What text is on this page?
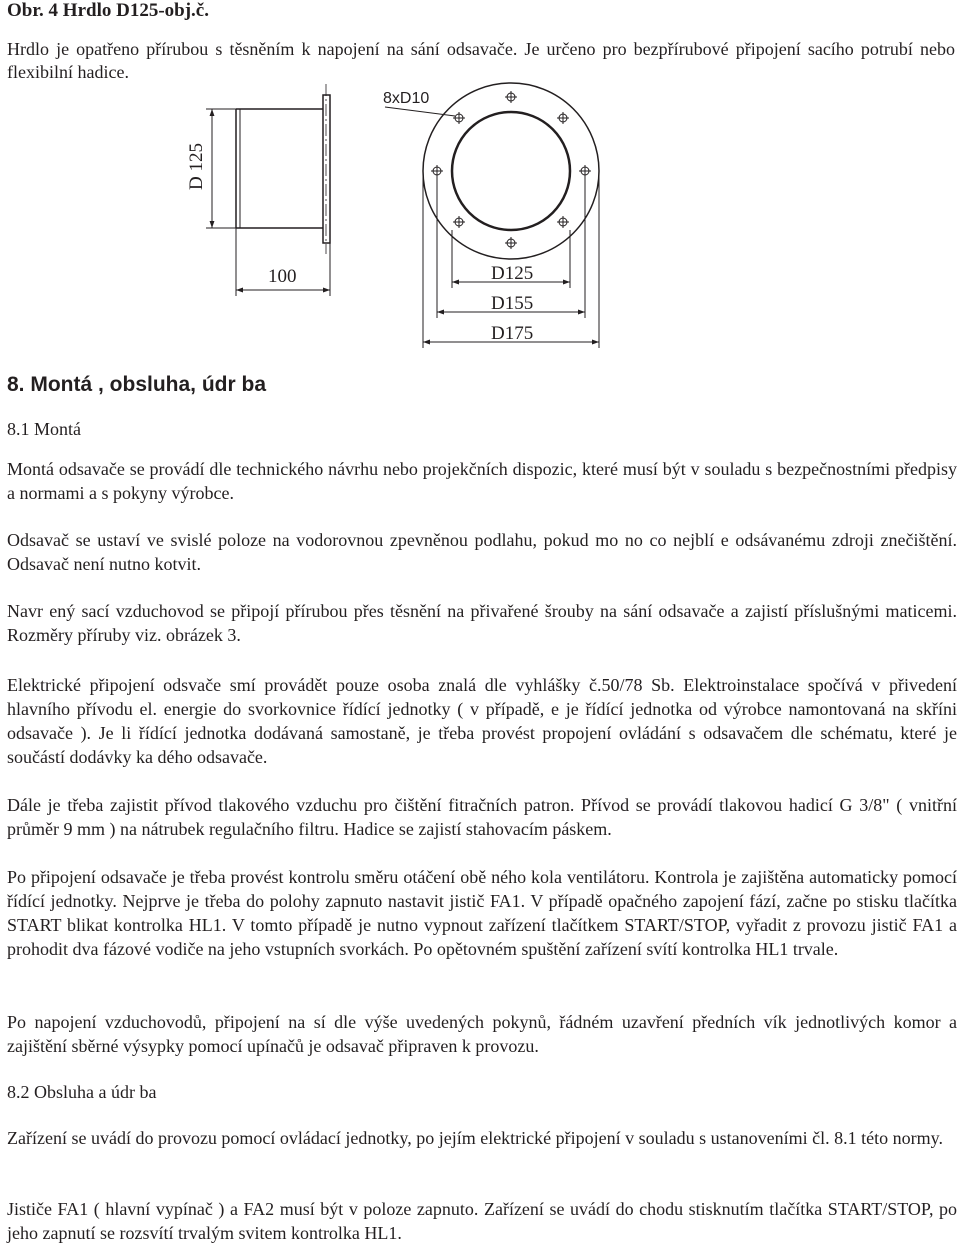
Obr. 4 Hrdlo D125-obj.č.
Hrdlo je opatřeno přírubou s těsněním k napojení na sání odsavače. Je určeno pro bezpřírubové připojení sacího potrubí nebo flexibilní hadice.
D 125
100
8xD10
D125
D155
D175
8. Montá , obsluha, údr ba
8.1 Montá
Montá odsavače se provádí dle technického návrhu nebo projekčních dispozic, které musí být v souladu s bezpečnostními předpisy a normami a s pokyny výrobce.
Odsavač se ustaví ve svislé poloze na vodorovnou zpevněnou podlahu, pokud mo no co nejblí e odsávanému zdroji znečištění. Odsavač není nutno kotvit.
Navr ený sací vzduchovod se připojí přírubou přes těsnění na přivařené šrouby na sání odsavače a zajistí příslušnými maticemi. Rozměry příruby viz. obrázek 3.
Elektrické připojení odsvače smí provádět pouze osoba znalá dle vyhlášky č.50/78 Sb. Elektroinstalace spočívá v přivedení hlavního přívodu el. energie do svorkovnice řídící jednotky ( v případě, e je řídící jednotka od výrobce namontovaná na skříni odsavače ). Je li řídící jednotka dodávaná samostaně, je třeba provést propojení ovládání s odsavačem dle schématu, které je součástí dodávky ka dého odsavače.
Dále je třeba zajistit přívod tlakového vzduchu pro čištění fitračních patron. Přívod se provádí tlakovou hadicí G 3/8" ( vnitřní průměr 9 mm ) na nátrubek regulačního filtru. Hadice se zajistí stahovacím páskem.
Po připojení odsavače je třeba provést kontrolu směru otáčení obě ného kola ventilátoru. Kontrola je zajištěna automaticky pomocí řídící jednotky. Nejprve je třeba do polohy zapnuto nastavit jistič FA1. V případě opačného zapojení fází, začne po stisku tlačítka START blikat kontrolka HL1. V tomto případě je nutno vypnout zařízení tlačítkem START/STOP, vyřadit z provozu jistič FA1 a prohodit dva fázové vodiče na jeho vstupních svorkách. Po opětovném spuštění zařízení svítí kontrolka HL1 trvale.
Po napojení vzduchovodů, připojení na sí dle výše uvedených pokynů, řádném uzavření předních vík jednotlivých komor a zajištění sběrné výsypky pomocí upínačů je odsavač připraven k provozu.
8.2 Obsluha a údr ba
Zařízení se uvádí do provozu pomocí ovládací jednotky, po jejím elektrické připojení v souladu s ustanoveními čl. 8.1 této normy.
Jističe FA1 ( hlavní vypínač ) a FA2 musí být v poloze zapnuto. Zařízení se uvádí do chodu stisknutím tlačítka START/STOP, po jeho zapnutí se rozsvítí trvalým svitem kontrolka HL1.
